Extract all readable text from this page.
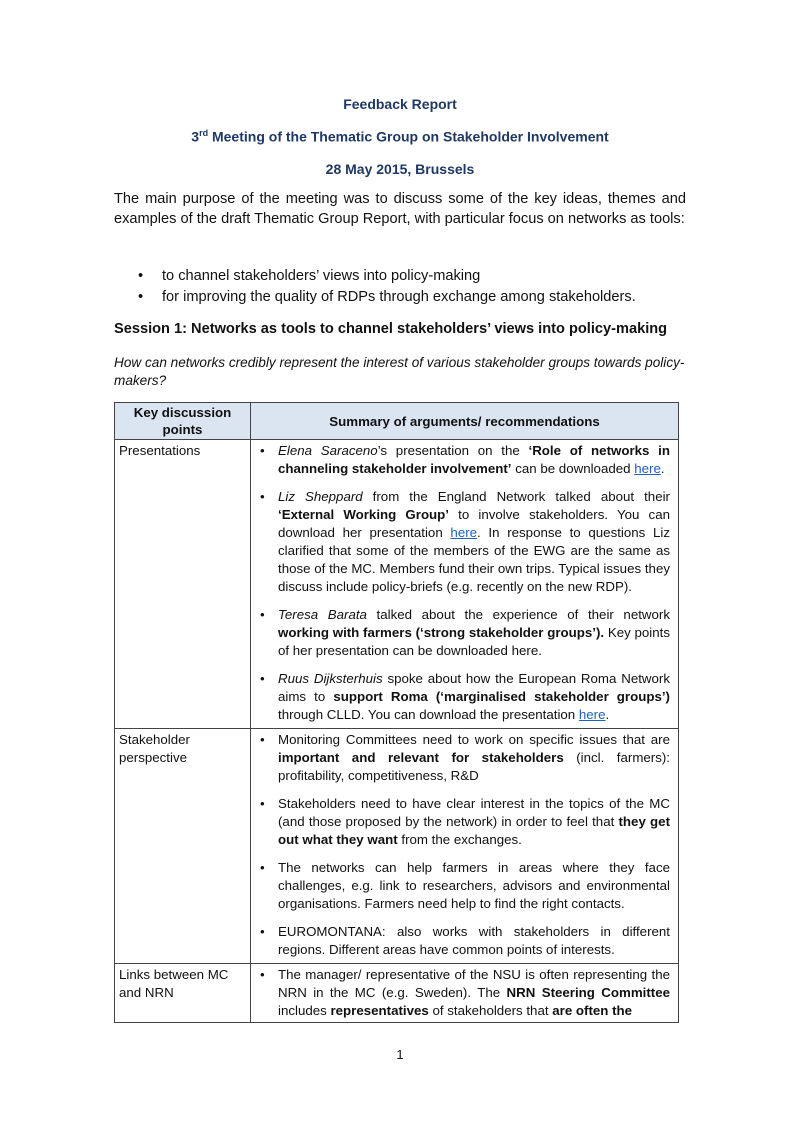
Feedback Report
3rd Meeting of the Thematic Group on Stakeholder Involvement
28 May 2015, Brussels
The main purpose of the meeting was to discuss some of the key ideas, themes and examples of the draft Thematic Group Report, with particular focus on networks as tools:
• to channel stakeholders’ views into policy-making
• for improving the quality of RDPs through exchange among stakeholders.
Session 1: Networks as tools to channel stakeholders’ views into policy-making
How can networks credibly represent the interest of various stakeholder groups towards policy-makers?
Key discussion points	Summary of arguments/ recommendations
Presentations	• Elena Saraceno’s presentation on the ‘Role of networks in channeling stakeholder involvement’ can be downloaded here.
• Liz Sheppard from the England Network talked about their ‘External Working Group’ to involve stakeholders. You can download her presentation here. In response to questions Liz clarified that some of the members of the EWG are the same as those of the MC. Members fund their own trips. Typical issues they discuss include policy-briefs (e.g. recently on the new RDP).
• Teresa Barata talked about the experience of their network working with farmers (‘strong stakeholder groups’). Key points of her presentation can be downloaded here.
• Ruus Dijksterhuis spoke about how the European Roma Network aims to support Roma (‘marginalised stakeholder groups’) through CLLD. You can download the presentation here.

Stakeholder perspective	• Monitoring Committees need to work on specific issues that are important and relevant for stakeholders (incl. farmers): profitability, competitiveness, R&D
• Stakeholders need to have clear interest in the topics of the MC (and those proposed by the network) in order to feel that they get out what they want from the exchanges.
• The networks can help farmers in areas where they face challenges, e.g. link to researchers, advisors and environmental organisations. Farmers need help to find the right contacts.
• EUROMONTANA: also works with stakeholders in different regions. Different areas have common points of interests.

Links between MC and NRN	• The manager/ representative of the NSU is often representing the NRN in the MC (e.g. Sweden). The NRN Steering Committee includes representatives of stakeholders that are often the
1
